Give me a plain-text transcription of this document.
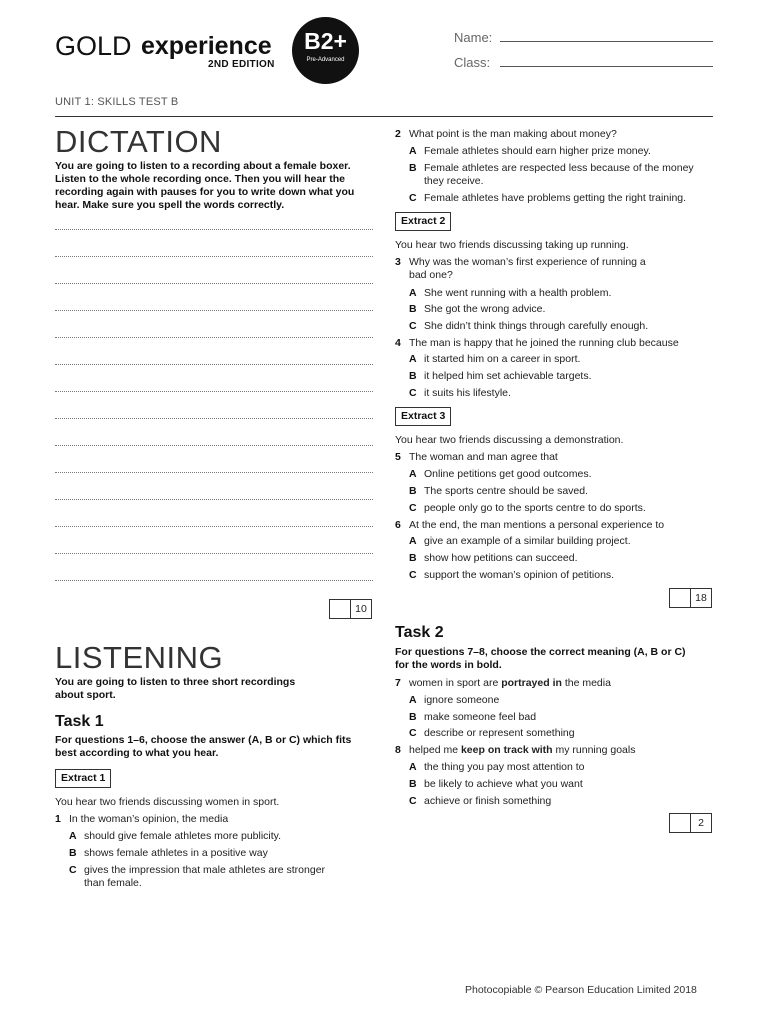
GOLD experience
2ND EDITION
B2+
Pre-Advanced
Name:
Class:
UNIT 1: SKILLS TEST B
DICTATION
You are going to listen to a recording about a female boxer.
Listen to the whole recording once. Then you will hear the
recording again with pauses for you to write down what you
hear. Make sure you spell the words correctly.
10
LISTENING
You are going to listen to three short recordings
about sport.
Task 1
For questions 1–6, choose the answer (A, B or C) which fits
best according to what you hear.
Extract 1
You hear two friends discussing women in sport.
1 In the woman’s opinion, the media
A should give female athletes more publicity.
B shows female athletes in a positive way
C gives the impression that male athletes are stronger
than female.
2 What point is the man making about money?
A Female athletes should earn higher prize money.
B Female athletes are respected less because of the money
they receive.
C Female athletes have problems getting the right training.
Extract 2
You hear two friends discussing taking up running.
3 Why was the woman’s first experience of running a
bad one?
A She went running with a health problem.
B She got the wrong advice.
C She didn’t think things through carefully enough.
4 The man is happy that he joined the running club because
A it started him on a career in sport.
B it helped him set achievable targets.
C it suits his lifestyle.
Extract 3
You hear two friends discussing a demonstration.
5 The woman and man agree that
A Online petitions get good outcomes.
B The sports centre should be saved.
C people only go to the sports centre to do sports.
6 At the end, the man mentions a personal experience to
A give an example of a similar building project.
B show how petitions can succeed.
C support the woman’s opinion of petitions.
18
Task 2
For questions 7–8, choose the correct meaning (A, B or C)
for the words in bold.
7 women in sport are portrayed in the media
A ignore someone
B make someone feel bad
C describe or represent something
8 helped me keep on track with my running goals
A the thing you pay most attention to
B be likely to achieve what you want
C achieve or finish something
2
Photocopiable © Pearson Education Limited 2018
